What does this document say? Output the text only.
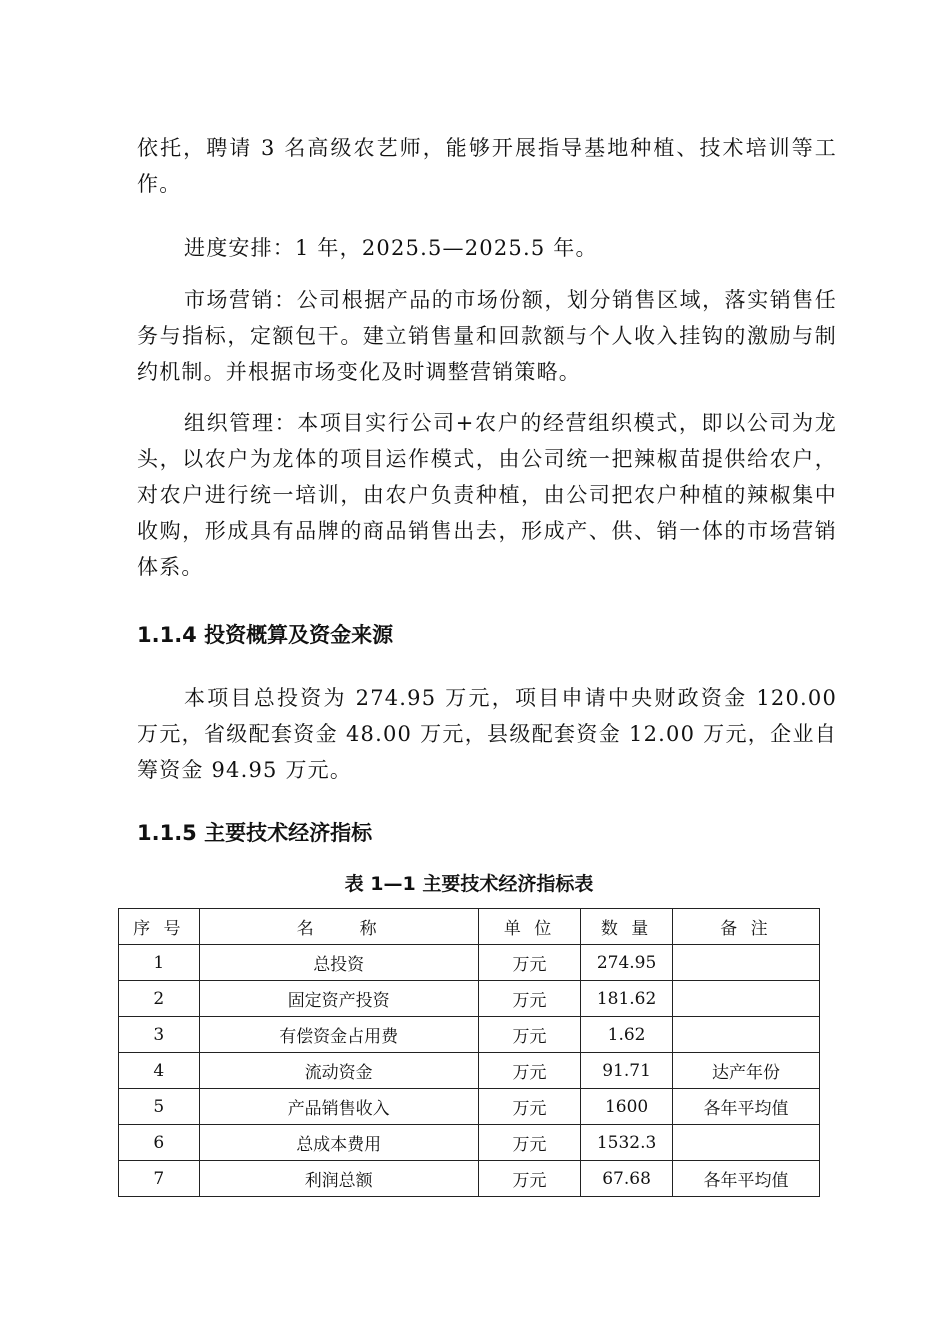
依托，聘请 3 名高级农艺师，能够开展指导基地种植、技术培训等工作。

进度安排：1 年，2025.5—2025.5 年。

市场营销：公司根据产品的市场份额，划分销售区域，落实销售任务与指标，定额包干。建立销售量和回款额与个人收入挂钩的激励与制约机制。并根据市场变化及时调整营销策略。

组织管理：本项目实行公司+农户的经营组织模式，即以公司为龙头，以农户为龙体的项目运作模式，由公司统一把辣椒苗提供给农户，对农户进行统一培训，由农户负责种植，由公司把农户种植的辣椒集中收购，形成具有品牌的商品销售出去，形成产、供、销一体的市场营销体系。

1.1.4 投资概算及资金来源

本项目总投资为 274.95 万元，项目申请中央财政资金 120.00 万元，省级配套资金 48.00 万元，县级配套资金 12.00 万元，企业自筹资金 94.95 万元。

1.1.5 主要技术经济指标
表 1—1 主要技术经济指标表
序 号	名　　称	单 位	数 量	备 注
1	总投资	万元	274.95	
2	固定资产投资	万元	181.62	
3	有偿资金占用费	万元	1.62	
4	流动资金	万元	91.71	达产年份
5	产品销售收入	万元	1600	各年平均值
6	总成本费用	万元	1532.3	
7	利润总额	万元	67.68	各年平均值
